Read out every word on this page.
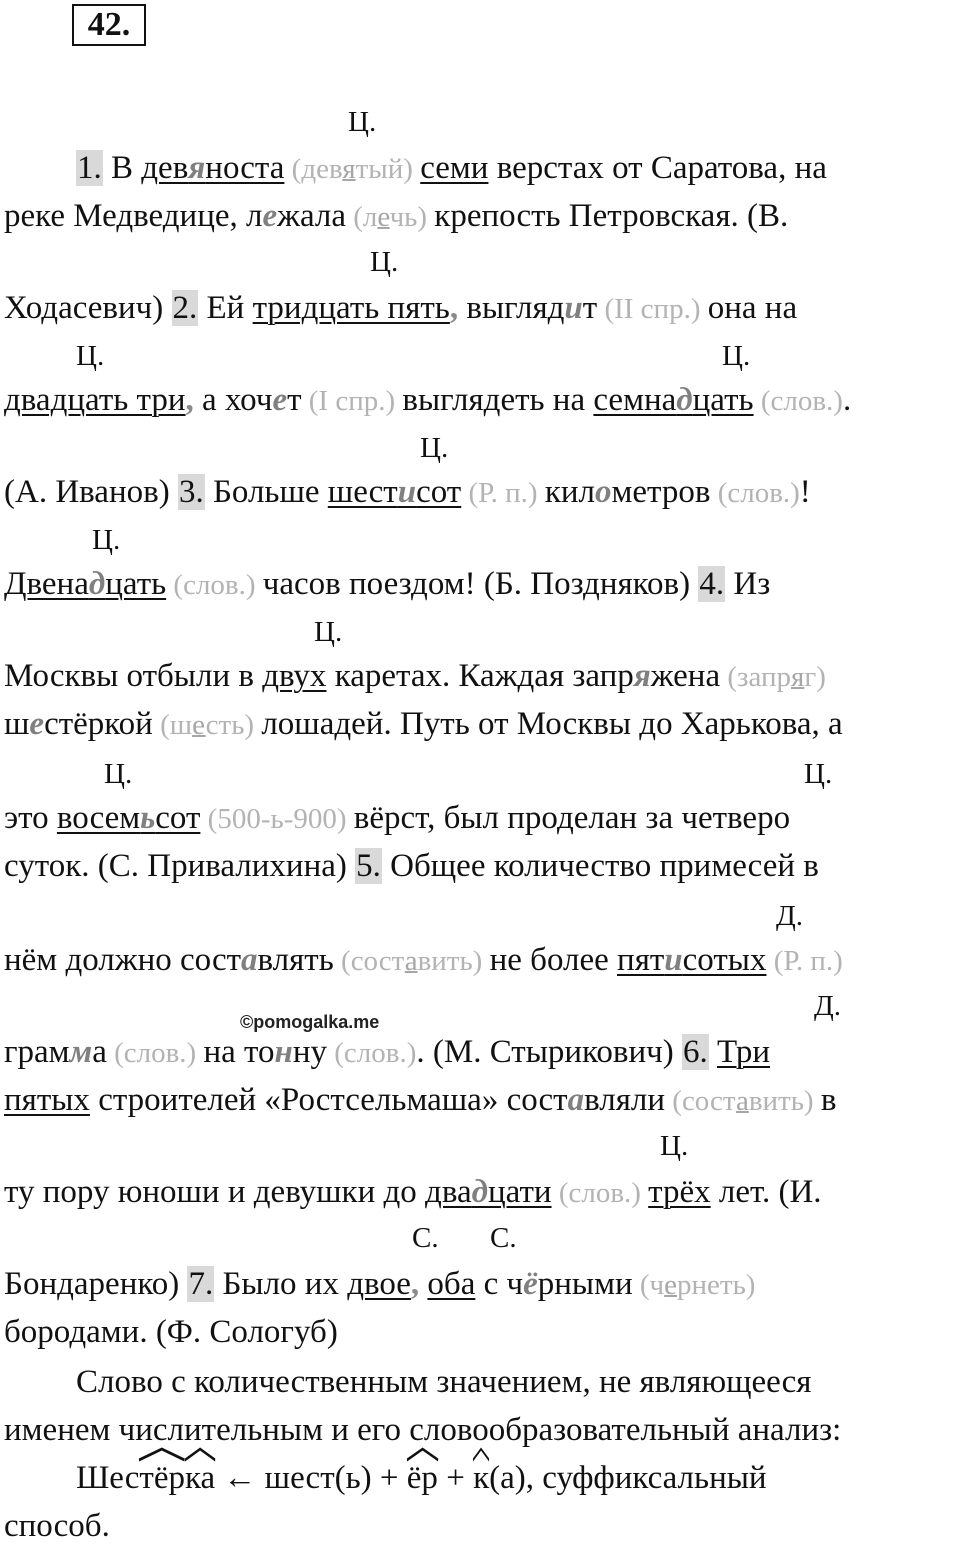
42.
Ц.
Ц.
Ц.	Ц.
Ц.
Ц.
Ц.
Ц.	Ц.
Д.
Д.
Ц.
С. С.
©pomogalka.me
1. В девяноста (девятый) семи верстах от Саратова, на
реке Медведице, лежала (лечь) крепость Петровская. (В.
Ходасевич) 2. Ей тридцать пять, выглядит (II спр.) она на
двадцать три, а хочет (I спр.) выглядеть на семнадцать (слов.).
(А. Иванов) 3. Больше шестисот (Р. п.) километров (слов.)!
Двенадцать (слов.) часов поездом! (Б. Поздняков) 4. Из
Москвы отбыли в двух каретах. Каждая запряжена (запряг)
шестёркой (шесть) лошадей. Путь от Москвы до Харькова, а
это восемьсот (500-ь-900) вёрст, был проделан за четверо
суток. (С. Привалихина) 5. Общее количество примесей в
нём должно составлять (составить) не более пятисотых (Р. п.)
грамма (слов.) на тонну (слов.). (М. Стырикович) 6. Три
пятых строителей «Ростсельмаша» составляли (составить) в
ту пору юноши и девушки до двадцати (слов.) трёх лет. (И.
Бондаренко) 7. Было их двое, оба с чёрными (чернеть)
бородами. (Ф. Сологуб)
Слово с количественным значением, не являющееся
именем числительным и его словообразовательный анализ:
Шес
тёр
ка ← шест(ь) +
ёр +
к(а), суффиксальный
способ.
